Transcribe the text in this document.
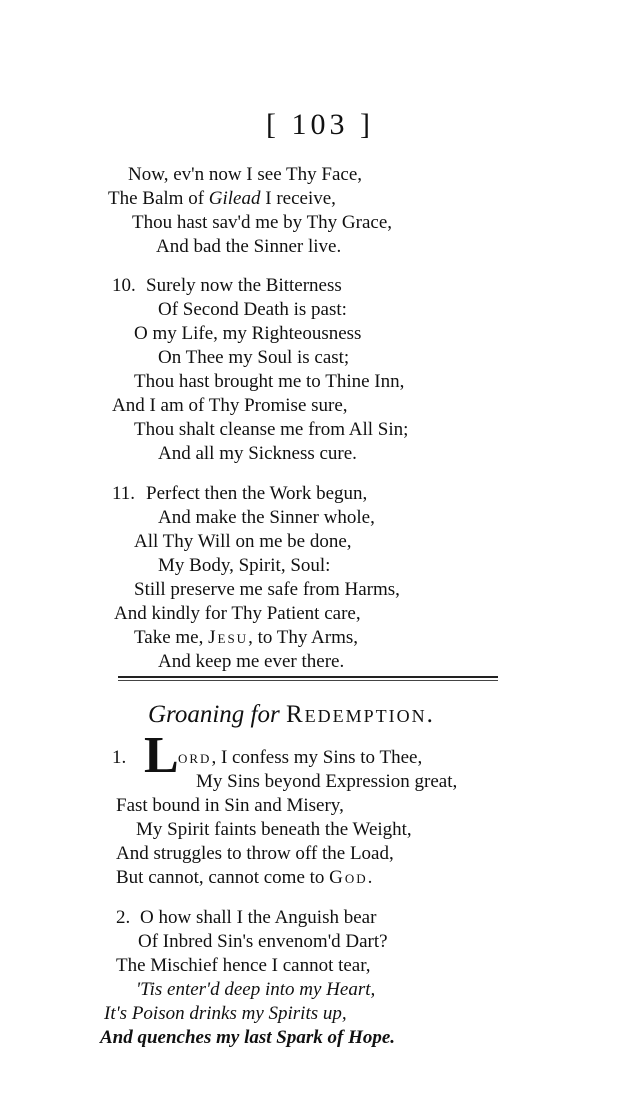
[ 103 ]
Now, ev'n now I see Thy Face,
The Balm of Gilead I receive,
Thou hast sav'd me by Thy Grace,
And bad the Sinner live.
10. Surely now the Bitterness
Of Second Death is past:
O my Life, my Righteousness
On Thee my Soul is cast;
Thou hast brought me to Thine Inn,
And I am of Thy Promise sure,
Thou shalt cleanse me from All Sin;
And all my Sickness cure.
11. Perfect then the Work begun,
And make the Sinner whole,
All Thy Will on me be done,
My Body, Spirit, Soul:
Still preserve me safe from Harms,
And kindly for Thy Patient care,
Take me, Jesu, to Thy Arms,
And keep me ever there.
Groaning for Redemption.
1. L ord, I confess my Sins to Thee,
My Sins beyond Expression great,
Fast bound in Sin and Misery,
My Spirit faints beneath the Weight,
And struggles to throw off the Load,
But cannot, cannot come to God.
2. O how shall I the Anguish bear
Of Inbred Sin's envenom'd Dart?
The Mischief hence I cannot tear,
'Tis enter'd deep into my Heart,
It's Poison drinks my Spirits up,
And quenches my last Spark of Hope.
